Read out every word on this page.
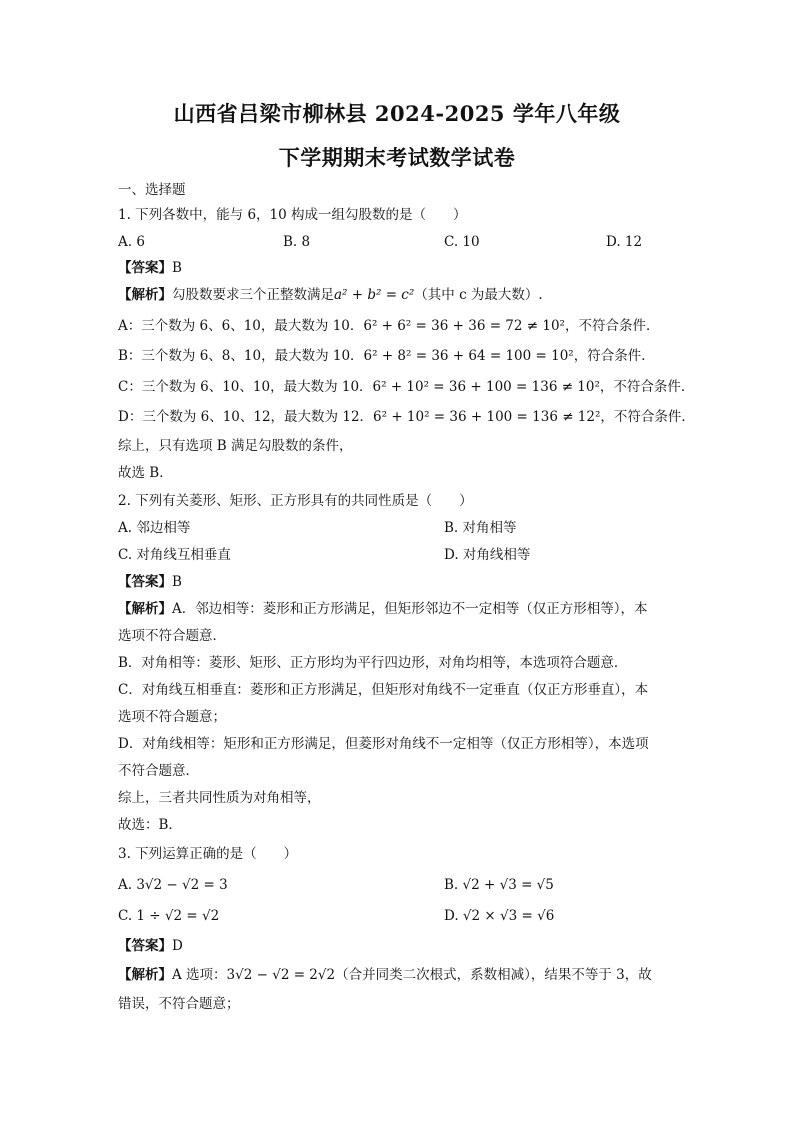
山西省吕梁市柳林县 2024-2025 学年八年级
下学期期末考试数学试卷
一、选择题
1. 下列各数中，能与 6，10 构成一组勾股数的是（　　）
A. 6	B. 8	C. 10	D. 12
【答案】B
【解析】勾股数要求三个正整数满足a² + b² = c²（其中 c 为最大数）.
A：三个数为 6、6、10，最大数为 10．6² + 6² = 36 + 36 = 72 ≠ 10²，不符合条件．
B：三个数为 6、8、10，最大数为 10．6² + 8² = 36 + 64 = 100 = 10²，符合条件．
C：三个数为 6、10、10，最大数为 10．6² + 10² = 36 + 100 = 136 ≠ 10²，不符合条件．
D：三个数为 6、10、12，最大数为 12．6² + 10² = 36 + 100 = 136 ≠ 12²，不符合条件．
综上，只有选项 B 满足勾股数的条件，
故选 B．
2. 下列有关菱形、矩形、正方形具有的共同性质是（　　）
A. 邻边相等	B. 对角相等
C. 对角线互相垂直	D. 对角线相等
【答案】B
【解析】A．邻边相等：菱形和正方形满足，但矩形邻边不一定相等（仅正方形相等），本
选项不符合题意．
B．对角相等：菱形、矩形、正方形均为平行四边形，对角均相等，本选项符合题意．
C．对角线互相垂直：菱形和正方形满足，但矩形对角线不一定垂直（仅正方形垂直），本
选项不符合题意；
D．对角线相等：矩形和正方形满足，但菱形对角线不一定相等（仅正方形相等），本选项
不符合题意．
综上，三者共同性质为对角相等，
故选：B．
3. 下列运算正确的是（　　）
A. 3√2 − √2 = 3	B. √2 + √3 = √5
C. 1 ÷ √2 = √2	D. √2 × √3 = √6
【答案】D
【解析】A 选项：3√2 − √2 = 2√2（合并同类二次根式，系数相减），结果不等于 3，故
错误，不符合题意；
